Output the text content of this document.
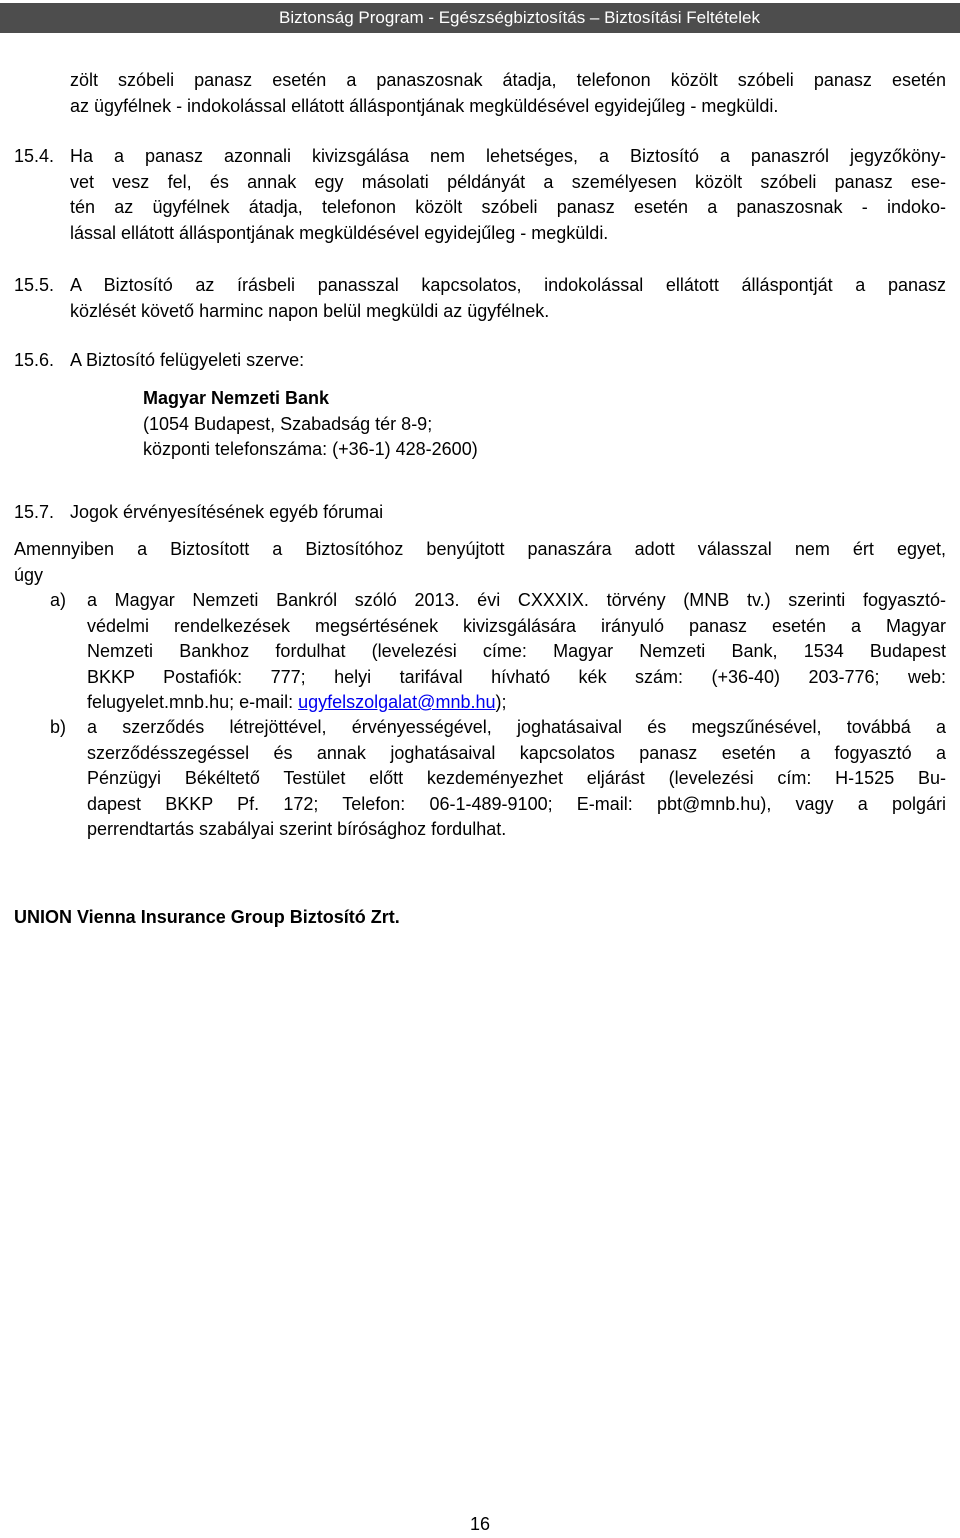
Biztonság Program - Egészségbiztosítás – Biztosítási Feltételek
zölt szóbeli panasz esetén a panaszosnak átadja, telefonon közölt szóbeli panasz esetén
az ügyfélnek - indokolással ellátott álláspontjának megküldésével egyidejűleg - megküldi.
15.4. Ha a panasz azonnali kivizsgálása nem lehetséges, a Biztosító a panaszról jegyzőköny-
vet vesz fel, és annak egy másolati példányát a személyesen közölt szóbeli panasz ese-
tén az ügyfélnek átadja, telefonon közölt szóbeli panasz esetén a panaszosnak - indoko-
lással ellátott álláspontjának megküldésével egyidejűleg - megküldi.
15.5. A Biztosító az írásbeli panasszal kapcsolatos, indokolással ellátott álláspontját a panasz
közlését követő harminc napon belül megküldi az ügyfélnek.
15.6. A Biztosító felügyeleti szerve:
Magyar Nemzeti Bank
(1054 Budapest, Szabadság tér 8-9;
központi telefonszáma: (+36-1) 428-2600)
15.7. Jogok érvényesítésének egyéb fórumai
Amennyiben a Biztosított a Biztosítóhoz benyújtott panaszára adott válasszal nem ért egyet,
úgy
a) a Magyar Nemzeti Bankról szóló 2013. évi CXXXIX. törvény (MNB tv.) szerinti fogyasztó-
védelmi rendelkezések megsértésének kivizsgálására irányuló panasz esetén a Magyar
Nemzeti Bankhoz fordulhat (levelezési címe: Magyar Nemzeti Bank, 1534 Budapest
BKKP Postafiók: 777; helyi tarifával hívható kék szám: (+36-40) 203-776; web:
felugyelet.mnb.hu; e-mail: ugyfelszolgalat@mnb.hu);
b) a szerződés létrejöttével, érvényességével, joghatásaival és megszűnésével, továbbá a
szerződésszegéssel és annak joghatásaival kapcsolatos panasz esetén a fogyasztó a
Pénzügyi Békéltető Testület előtt kezdeményezhet eljárást (levelezési cím: H-1525 Bu-
dapest BKKP Pf. 172; Telefon: 06-1-489-9100; E-mail: pbt@mnb.hu), vagy a polgári
perrendtartás szabályai szerint bírósághoz fordulhat.
UNION Vienna Insurance Group Biztosító Zrt.
16
